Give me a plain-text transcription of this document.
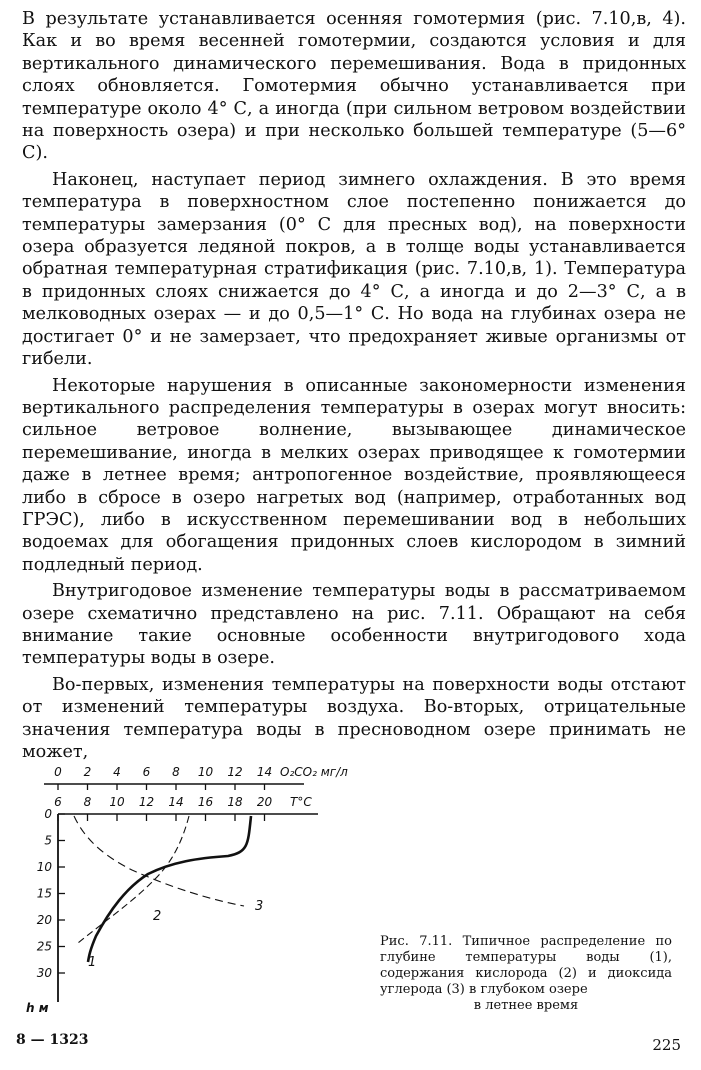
В результате устанавливается осенняя гомотермия (рис. 7.10,в, 4). Как и во время весенней гомотермии, создаются условия и для вертикального динамического перемешивания. Вода в придонных слоях обновляется. Гомотермия обычно устанавливается при температуре около 4° С, а иногда (при сильном ветровом воздействии на поверхность озера) и при несколько большей температуре (5—6° С).

Наконец, наступает период зимнего охлаждения. В это время температура в поверхностном слое постепенно понижается до температуры замерзания (0° С для пресных вод), на поверхности озера образуется ледяной покров, а в толще воды устанавливается обратная температурная стратификация (рис. 7.10,в, 1). Температура в придонных слоях снижается до 4° С, а иногда и до 2—3° С, а в мелководных озерах — и до 0,5—1° С. Но вода на глубинах озера не достигает 0° и не замерзает, что предохраняет живые организмы от гибели.

Некоторые нарушения в описанные закономерности изменения вертикального распределения температуры в озерах могут вносить: сильное ветровое волнение, вызывающее динамическое перемешивание, иногда в мелких озерах приводящее к гомотермии даже в летнее время; антропогенное воздействие, проявляющееся либо в сбросе в озеро нагретых вод (например, отработанных вод ГРЭС), либо в искусственном перемешивании вод в небольших водоемах для обогащения придонных слоев кислородом в зимний подледный период.

Внутригодовое изменение температуры воды в рассматриваемом озере схематично представлено на рис. 7.11. Обращают на себя внимание такие основные особенности внутригодового хода температуры воды в озере.

Во-первых, изменения температуры на поверхности воды отстают от изменений температуры воздуха. Во-вторых, отрицательные значения температура воды в пресноводном озере принимать не может,

0 2 4 6 8 10 12 14 O₂CO₂ мг/л
6 8 10 12 14 16 18 20 T°C
0
5
10
15
20
25
30
h м
1
2
3
Рис. 7.11. Типичное распределение по глубине температуры воды (1), содержания кислорода (2) и диоксида углерода (3) в глубоком озере
в летнее время
8 — 1323	225
